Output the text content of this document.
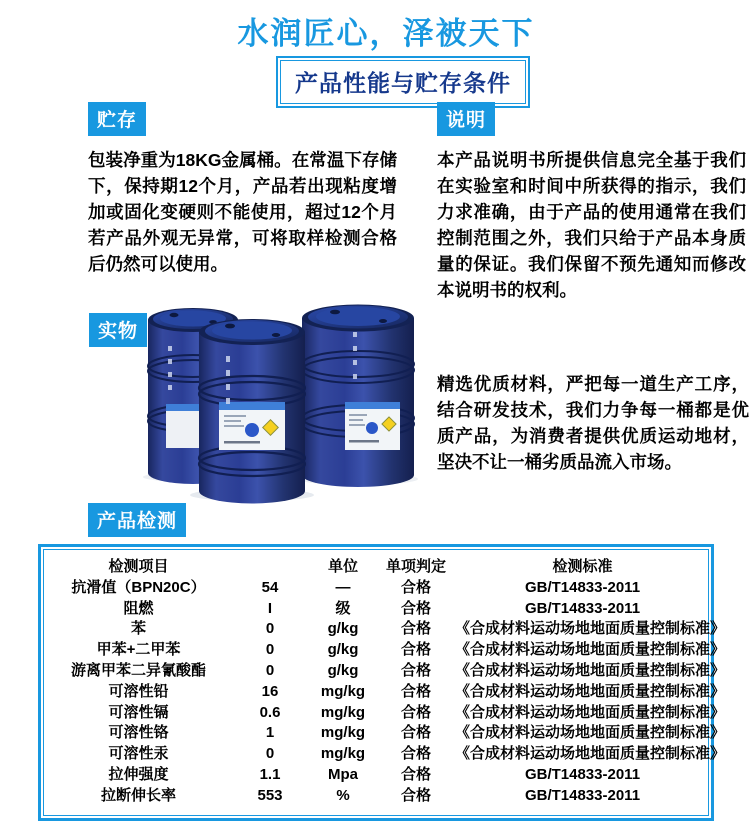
水润匠心，泽被天下
产品性能与贮存条件
贮存

包装净重为18KG金属桶。在常温下存储下，保持期12个月，产品若出现粘度增加或固化变硬则不能使用，超过12个月若产品外观无异常，可将取样检测合格后仍然可以使用。

说明

本产品说明书所提供信息完全基于我们在实验室和时间中所获得的指示，我们力求准确，由于产品的使用通常在我们控制范围之外，我们只给于产品本身质量的保证。我们保留不预先通知而修改本说明书的权利。

实物

精选优质材料，严把每一道生产工序，结合研发技术，我们力争每一桶都是优质产品，为消费者提供优质运动地材，坚决不让一桶劣质品流入市场。

产品检测
检测项目		单位	单项判定	检测标准
抗滑值（BPN20C）	54	—	合格	GB/T14833-2011
阻燃	I	级	合格	GB/T14833-2011
苯	0	g/kg	合格	《合成材料运动场地地面质量控制标准》
甲苯+二甲苯	0	g/kg	合格	《合成材料运动场地地面质量控制标准》
游离甲苯二异氰酸酯	0	g/kg	合格	《合成材料运动场地地面质量控制标准》
可溶性铅	16	mg/kg	合格	《合成材料运动场地地面质量控制标准》
可溶性镉	0.6	mg/kg	合格	《合成材料运动场地地面质量控制标准》
可溶性铬	1	mg/kg	合格	《合成材料运动场地地面质量控制标准》
可溶性汞	0	mg/kg	合格	《合成材料运动场地地面质量控制标准》
拉伸强度	1.1	Mpa	合格	GB/T14833-2011
拉断伸长率	553	%	合格	GB/T14833-2011
